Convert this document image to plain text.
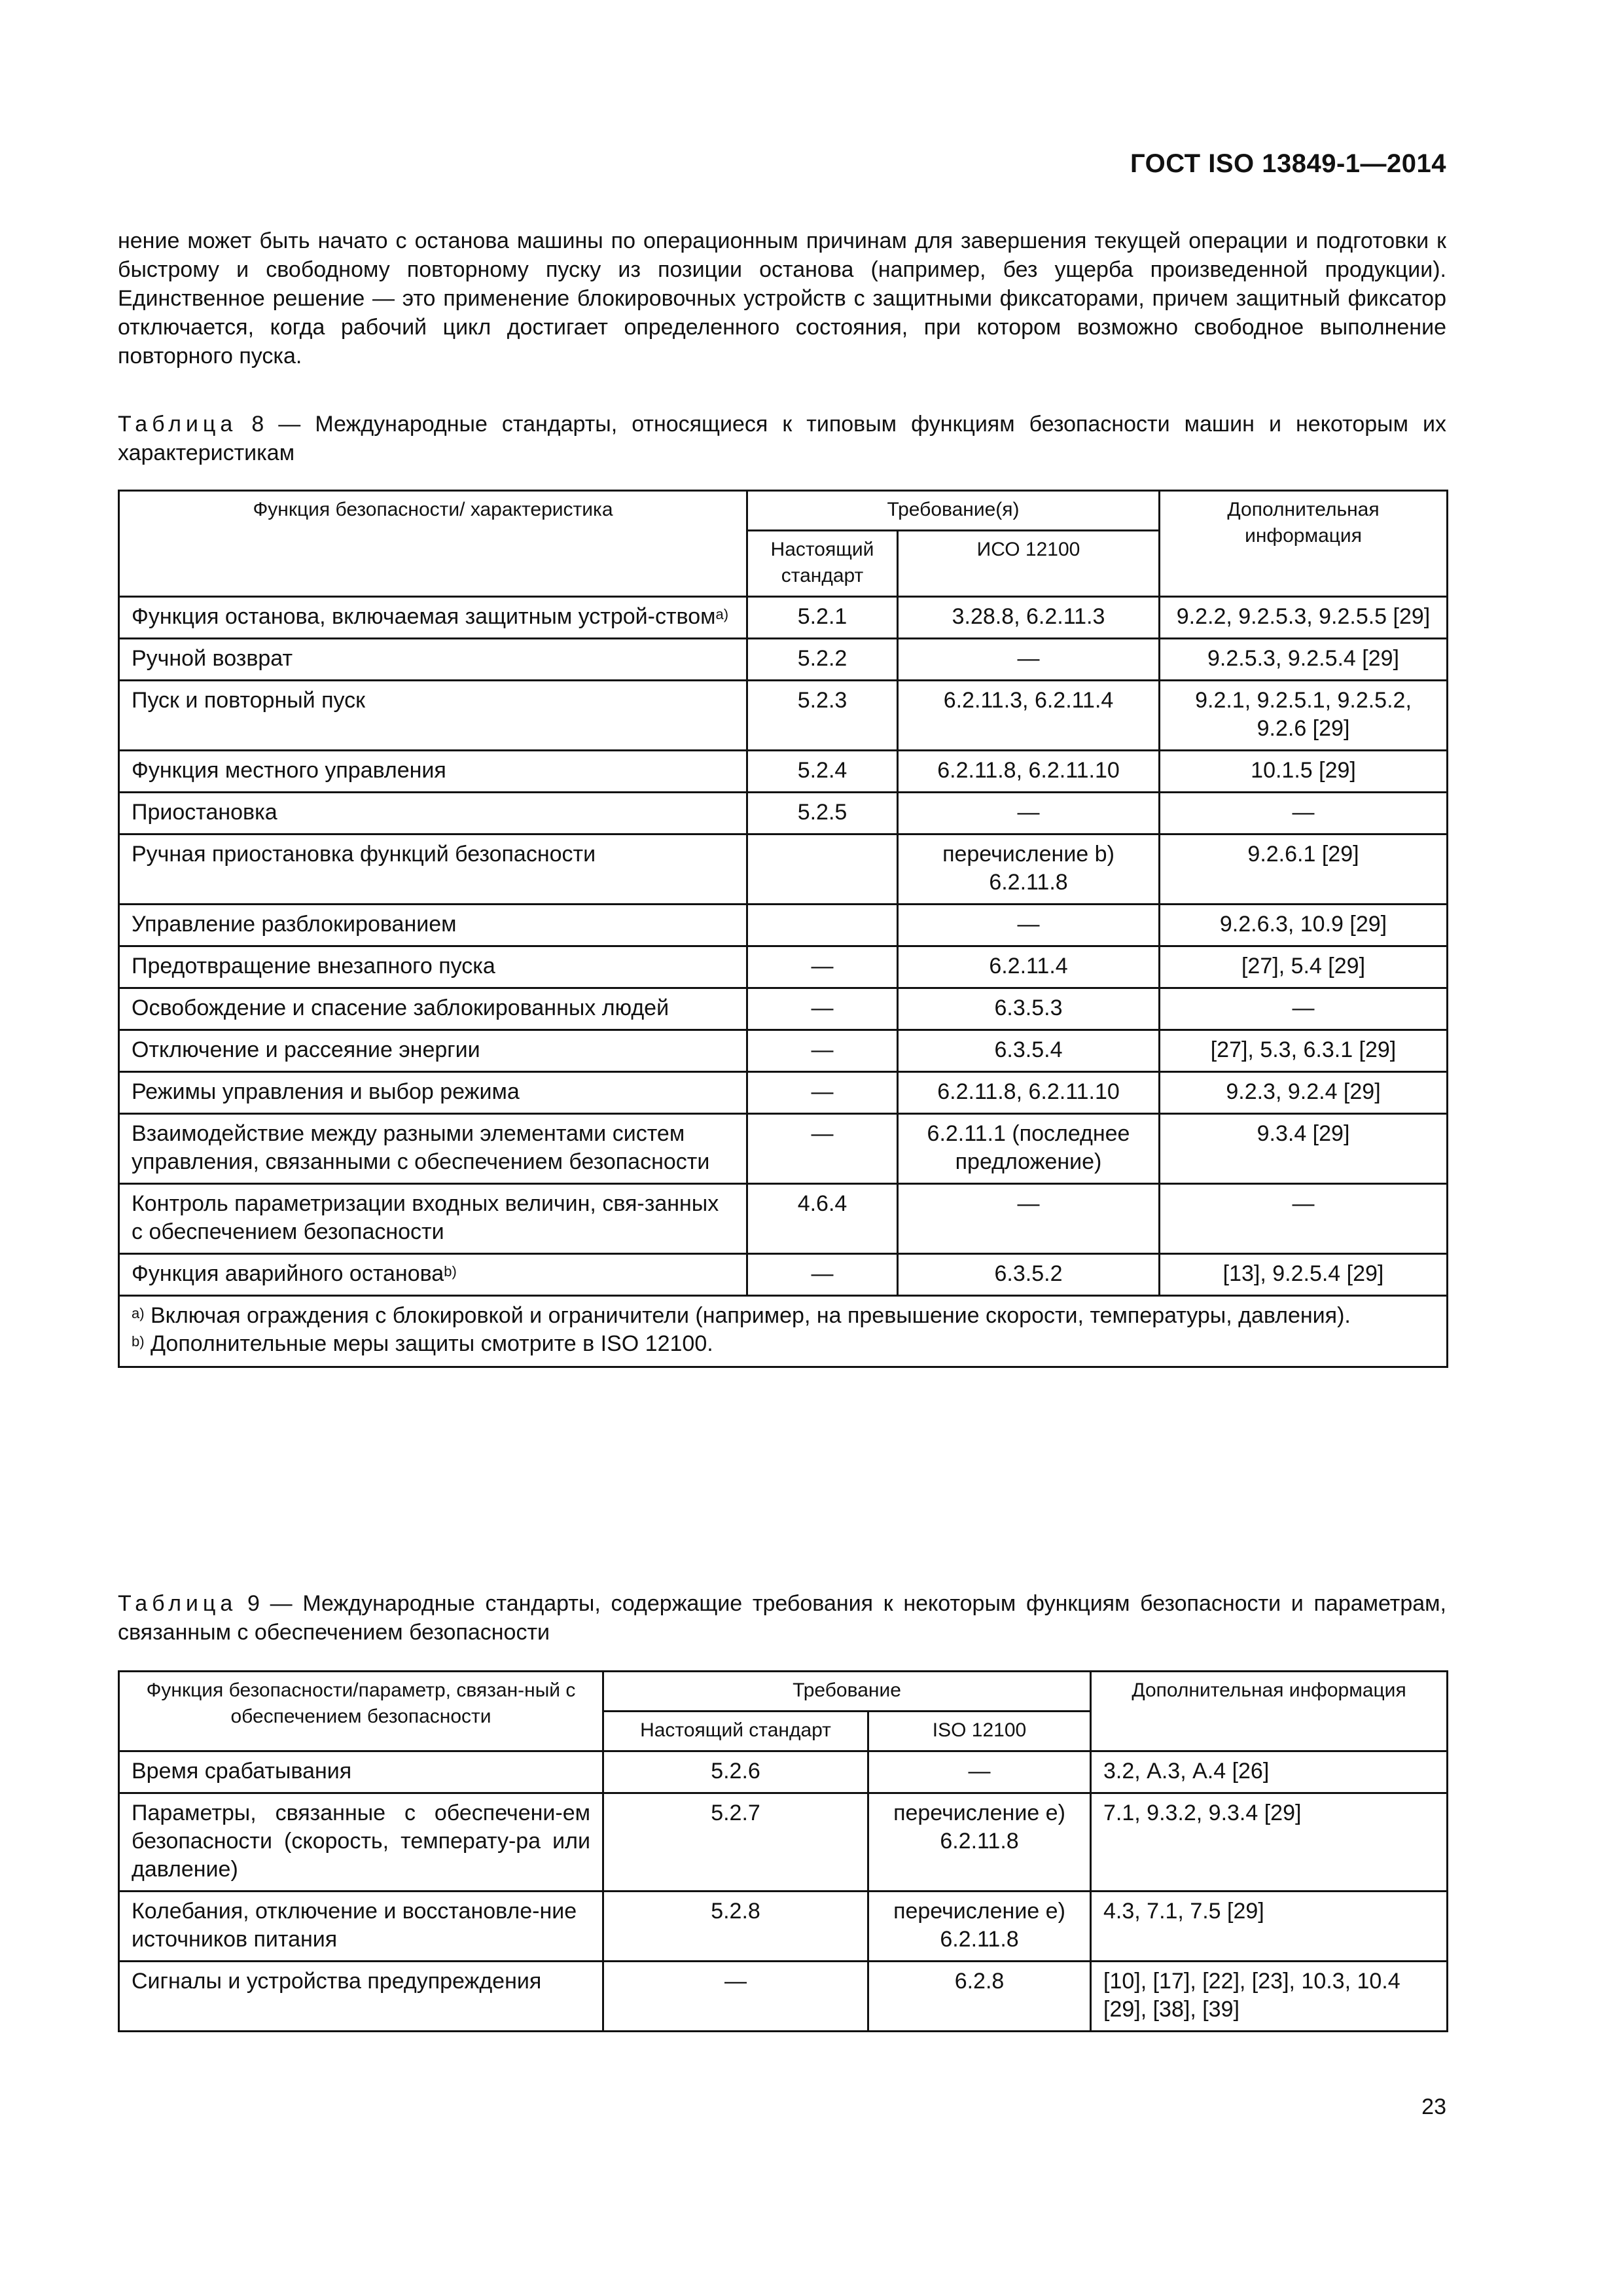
ГОСТ ISO 13849-1—2014
нение может быть начато с останова машины по операционным причинам для завершения текущей операции и подготовки к быстрому и свободному повторному пуску из позиции останова (например, без ущерба произведенной продукции). Единственное решение — это применение блокировочных устройств с защитными фиксаторами, причем защитный фиксатор отключается, когда рабочий цикл достигает определенного состояния, при котором возможно свободное выполнение повторного пуска.
Таблица 8 — Международные стандарты, относящиеся к типовым функциям безопасности машин и некоторым их характеристикам
Функция безопасности/ характеристика	Требование(я)		Дополнительная информация
	Настоящий стандарт	ИСО 12100	
Функция останова, включаемая защитным устрой-ством$^{а)}$	5.2.1	3.28.8, 6.2.11.3	9.2.2, 9.2.5.3, 9.2.5.5 [29]
Ручной возврат	5.2.2	—	9.2.5.3, 9.2.5.4 [29]
Пуск и повторный пуск	5.2.3	6.2.11.3, 6.2.11.4	9.2.1, 9.2.5.1, 9.2.5.2, 9.2.6 [29]
Функция местного управления	5.2.4	6.2.11.8, 6.2.11.10	10.1.5 [29]
Приостановка	5.2.5	—	—
Ручная приостановка функций безопасности		перечисление b) 6.2.11.8	9.2.6.1 [29]
Управление разблокированием		—	9.2.6.3, 10.9 [29]
Предотвращение внезапного пуска	—	6.2.11.4	[27], 5.4 [29]
Освобождение и спасение заблокированных людей	—	6.3.5.3	—
Отключение и рассеяние энергии	—	6.3.5.4	[27], 5.3, 6.3.1 [29]
Режимы управления и выбор режима	—	6.2.11.8, 6.2.11.10	9.2.3, 9.2.4 [29]
Взаимодействие между разными элементами систем управления, связанными с обеспечением безопасности	—	6.2.11.1 (последнее предложение)	9.3.4 [29]
Контроль параметризации входных величин, свя-занных с обеспечением безопасности	4.6.4	—	—
Функция аварийного останова$^{b)}$	—	6.3.5.2	[13], 9.2.5.4 [29]

$^{а)}$ Включая ограждения с блокировкой и ограничители (например, на превышение скорости, температуры, давления).
$^{b)}$ Дополнительные меры защиты смотрите в ISO 12100.			
Таблица 9 — Международные стандарты, содержащие требования к некоторым функциям безопасности и параметрам, связанным с обеспечением безопасности
Функция безопасности/параметр, связан-ный с обеспечением безопасности	Требование		Дополнительная информация
	Настоящий стандарт	ISO 12100	
Время срабатывания	5.2.6	—	3.2, А.3, А.4 [26]
Параметры, связанные с обеспечени-ем безопасности (скорость, температу-ра или давление)	5.2.7	перечисление е) 6.2.11.8	7.1, 9.3.2, 9.3.4 [29]
Колебания, отключение и восстановле-ние источников питания	5.2.8	перечисление е) 6.2.11.8	4.3, 7.1, 7.5 [29]
Сигналы и устройства предупреждения	—	6.2.8	[10], [17], [22], [23], 10.3, 10.4 [29], [38], [39]
23
